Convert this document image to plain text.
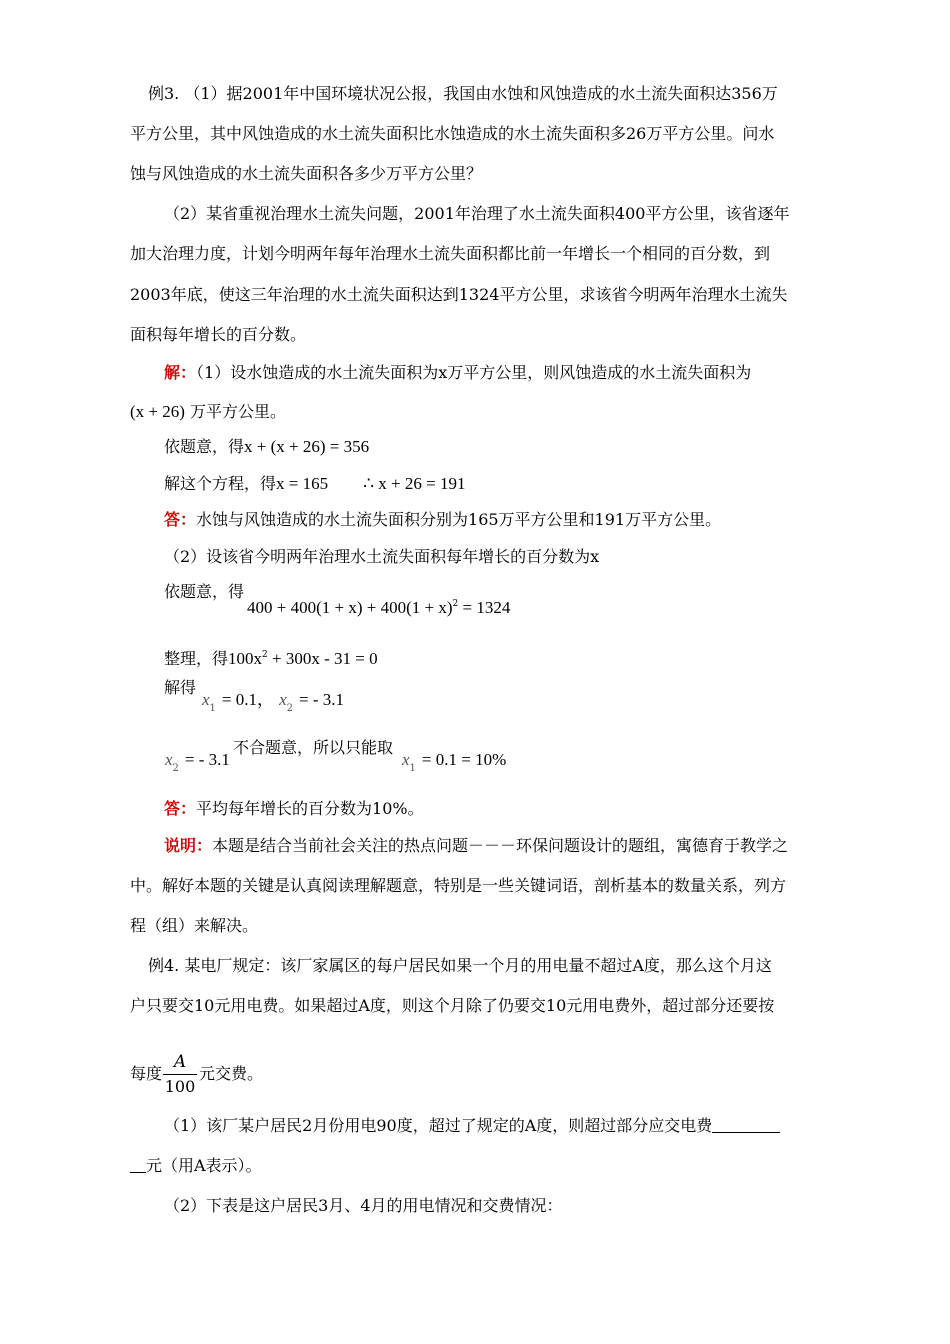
例3. （1）据2001年中国环境状况公报，我国由水蚀和风蚀造成的水土流失面积达356万
平方公里，其中风蚀造成的水土流失面积比水蚀造成的水土流失面积多26万平方公里。问水
蚀与风蚀造成的水土流失面积各多少万平方公里？
（2）某省重视治理水土流失问题，2001年治理了水土流失面积400平方公里，该省逐年
加大治理力度，计划今明两年每年治理水土流失面积都比前一年增长一个相同的百分数，到
2003年底，使这三年治理的水土流失面积达到1324平方公里，求该省今明两年治理水土流失
面积每年增长的百分数。
解：（1）设水蚀造成的水土流失面积为x万平方公里，则风蚀造成的水土流失面积为
(x + 26) 万平方公里。
依题意，得x + (x + 26) = 356
解这个方程，得x = 165 ∴ x + 26 = 191
答：水蚀与风蚀造成的水土流失面积分别为165万平方公里和191万平方公里。
（2）设该省今明两年治理水土流失面积每年增长的百分数为x
依题意，得
$400 + 400(1 + x) + 400(1 + x)^2 = 1324$
整理，得$100x^2 + 300x - 31 = 0$
解得
$x_1 = 0.1$， $x_2$ = - 3.1
$x_2$ = - 3.1
不合题意，所以只能取
$x_1 = 0.1 = 10\%$
答：平均每年增长的百分数为10%。
说明：本题是结合当前社会关注的热点问题－－－环保问题设计的题组，寓德育于教学之
中。解好本题的关键是认真阅读理解题意，特别是一些关键词语，剖析基本的数量关系，列方
程（组）来解决。
例4. 某电厂规定：该厂家属区的每户居民如果一个月的用电量不超过A度，那么这个月这
户只要交10元用电费。如果超过A度，则这个月除了仍要交10元用电费外，超过部分还要按
每度
A
100
元交费。
（1）该厂某户居民2月份用电90度，超过了规定的A度，则超过部分应交电费
元（用A表示）。
（2）下表是这户居民3月、4月的用电情况和交费情况：
